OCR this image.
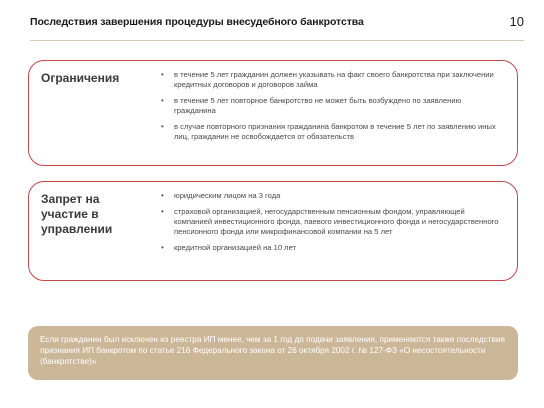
Последствия завершения процедуры внесудебного банкротства	10
Ограничения	• в течение 5 лет гражданин должен указывать на факт своего банкротства при заключении кредитных договоров и договоров займа
• в течение 5 лет повторное банкротство не может быть возбуждено по заявлению гражданина
• в случае повторного признания гражданина банкротом в течение 5 лет по заявлению иных лиц, гражданин не освобождается от обязательств
Запрет на участие в управлении
• юридическим лицом на 3 года
• страховой организацией, негосударственным пенсионным фондом, управляющей компанией инвестиционного фонда, паевого инвестиционного фонда и негосударственного пенсионного фонда или микрофинансовой компании на 5 лет
• кредитной организацией на 10 лет
Если гражданин был исключен из реестра ИП менее, чем за 1 год до подачи заявления, применяются также последствия признания ИП банкротом по статье 216 Федерального закона от 26 октября 2002 г. № 127-ФЗ «О несостоятельности (банкротстве)»
